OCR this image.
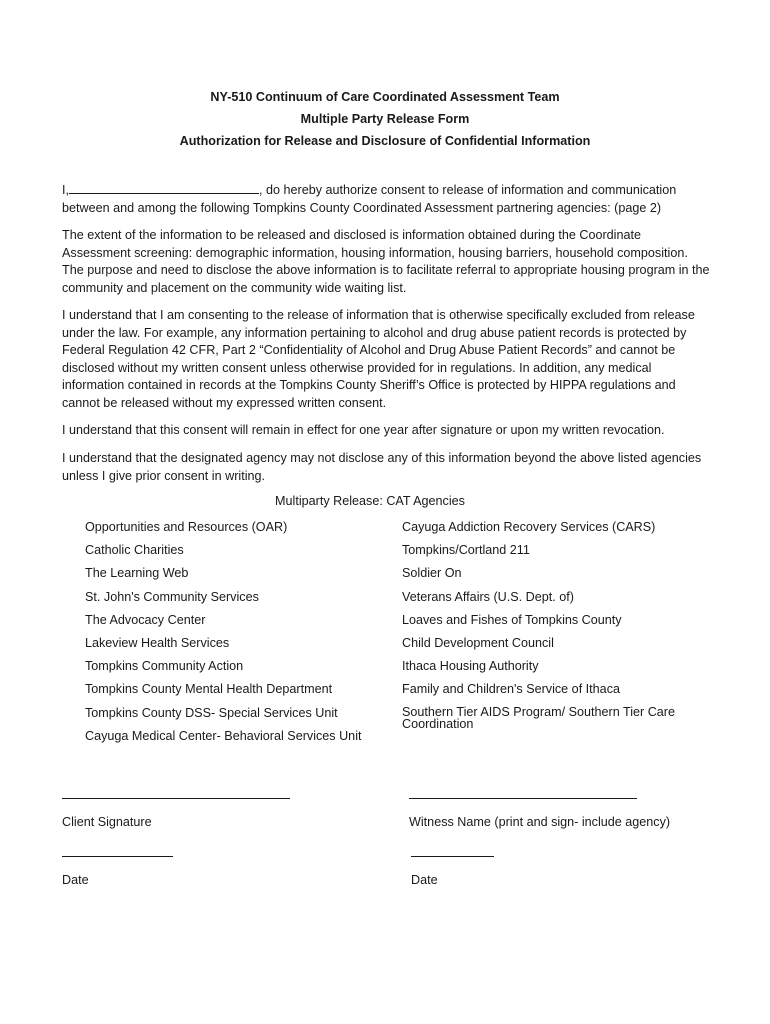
NY-510 Continuum of Care Coordinated Assessment Team
Multiple Party Release Form
Authorization for Release and Disclosure of Confidential Information
I,	, do hereby authorize consent to release of information and communication between and among the following Tompkins County Coordinated Assessment partnering agencies: (page 2)
The extent of the information to be released and disclosed is information obtained during the Coordinate Assessment screening: demographic information, housing information, housing barriers, household composition. The purpose and need to disclose the above information is to facilitate referral to appropriate housing program in the community and placement on the community wide waiting list.
I understand that I am consenting to the release of information that is otherwise specifically excluded from release under the law. For example, any information pertaining to alcohol and drug abuse patient records is protected by Federal Regulation 42 CFR, Part 2 “Confidentiality of Alcohol and Drug Abuse Patient Records” and cannot be disclosed without my written consent unless otherwise provided for in regulations. In addition, any medical information contained in records at the Tompkins County Sheriff’s Office is protected by HIPPA regulations and cannot be released without my expressed written consent.
I understand that this consent will remain in effect for one year after signature or upon my written revocation.
I understand that the designated agency may not disclose any of this information beyond the above listed agencies unless I give prior consent in writing.
Multiparty Release: CAT Agencies
Opportunities and Resources (OAR)
Catholic Charities
The Learning Web
St. John's Community Services
The Advocacy Center
Lakeview Health Services
Tompkins Community Action
Tompkins County Mental Health Department
Tompkins County DSS- Special Services Unit
Cayuga Medical Center- Behavioral Services Unit
Cayuga Addiction Recovery Services (CARS)
Tompkins/Cortland 211
Soldier On
Veterans Affairs (U.S. Dept. of)
Loaves and Fishes of Tompkins County
Child Development Council
Ithaca Housing Authority
Family and Children's Service of Ithaca
Southern Tier AIDS Program/ Southern Tier Care Coordination
Client Signature	Witness Name (print and sign- include agency)
Date	Date
